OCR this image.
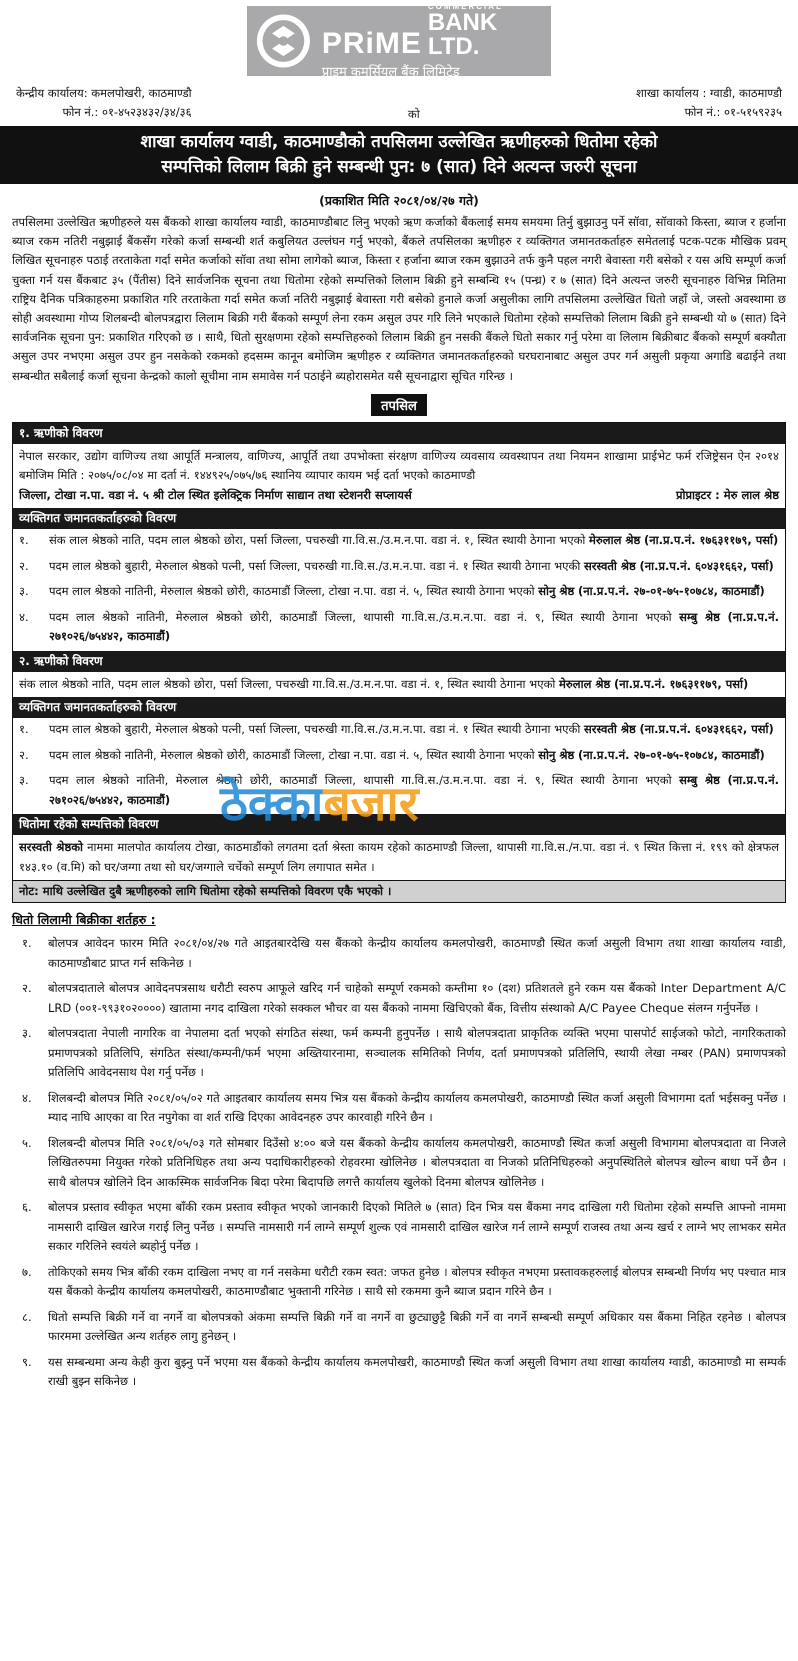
PRiME
COMMERCIAL
BANK LTD.
प्राइम कमर्सियल बैंक लिमिटेड
केन्द्रीय कार्यालय: कमलपोखरी, काठमाण्डौ
फोन नं.: ०१-४५२३४३२/३४/३६	को
शाखा कार्यालय : ग्वाडी, काठमाण्डौ
फोन नं.: ०१-५१५९२३५
शाखा कार्यालय ग्वाडी, काठमाण्डौको तपसिलमा उल्लेखित ऋणीहरुको धितोमा रहेको
सम्पत्तिको लिलाम बिक्री हुने सम्बन्धी पुन: ७ (सात) दिने अत्यन्त जरुरी सूचना
(प्रकाशित मिति २०८१/०४/२७ गते)
तपसिलमा उल्लेखित ऋणीहरुले यस बैंकको शाखा कार्यालय ग्वाडी, काठमाण्डौबाट लिनु भएको ऋण कर्जाको बैंकलाई समय समयमा तिर्नु बुझाउनु पर्ने सॉवा, सॉवाको किस्ता, ब्याज र हर्जाना ब्याज रकम नतिरी नबुझाई बैंकसँग गरेको कर्जा सम्बन्धी शर्त कबुलियत उल्लंघन गर्नु भएको, बैंकले तपसिलका ऋणीहरु र व्यक्तिगत जमानतकर्ताहरु समेतलाई पटक-पटक मौखिक प्रवम् लिखित सूचनाहरु पठाई तरताकेता गर्दा समेत कर्जाको सॉवा तथा सोमा लागेको ब्याज, किस्ता र हर्जाना ब्याज रकम बुझाउने तर्फ कुनै पहल नगरी बेवास्ता गरी बसेको र यस अघि सम्पूर्ण कर्जा चुक्ता गर्न यस बैंकबाट ३५ (पैंतीस) दिने सार्वजनिक सूचना तथा धितोमा रहेको सम्पत्तिको लिलाम बिक्री हुने सम्बन्धि १५ (पन्ध्र) र ७ (सात) दिने अत्यन्त जरुरी सूचनाहरु विभिन्न मितिमा राष्ट्रिय दैनिक पत्रिकाहरुमा प्रकाशित गरि तरताकेता गर्दा समेत कर्जा नतिरी नबुझाई बेवास्ता गरी बसेको हुनाले कर्जा असुलीका लागि तपसिलमा उल्लेखित धितो जहाँ जे, जस्तो अवस्थामा छ सोही अवस्थामा गोप्य शिलबन्दी बोलपत्रद्वारा लिलाम बिक्री गरी बैंकको सम्पूर्ण लेना रकम असुल उपर गरि लिने भएकाले धितोमा रहेको सम्पत्तिको लिलाम बिक्री हुने सम्बन्धी यो ७ (सात) दिने सार्वजनिक सूचना पुन: प्रकाशित गरिएको छ । साथै, धितो सुरक्षणमा रहेको सम्पत्तिहरुको लिलाम बिक्री हुन नसकी बैंकले धितो सकार गर्नु परेमा वा लिलाम बिक्रीबाट बैंकको सम्पूर्ण बक्यौता असुल उपर नभएमा असुल उपर हुन नसकेको रकमको हदसम्म कानून बमोजिम ऋणीहरु र व्यक्तिगत जमानतकर्ताहरुको घरघरानाबाट असुल उपर गर्न असुली प्रकृया अगाडि बढाईने तथा सम्बन्धीत सबैलाई कर्जा सूचना केन्द्रको कालो सूचीमा नाम समावेस गर्न पठाईने ब्यहोरासमेत यसै सूचनाद्वारा सूचित गरिन्छ ।
तपसिल
१. ऋणीको विवरण
नेपाल सरकार, उद्योग वाणिज्य तथा आपूर्ति मन्त्रालय, वाणिज्य, आपूर्ति तथा उपभोक्ता संरक्षण वाणिज्य व्यवसाय व्यवस्थापन तथा नियमन शाखामा प्राईभेट फर्म रजिष्ट्रेसन ऐन २०१४ बमोजिम मिति : २०७५/०८/०४ मा दर्ता नं. १४४९२५/०७५/७६ स्थानिय व्यापार कायम भई दर्ता भएको काठमाण्डौ
जिल्ला, टोखा न.पा. वडा नं. ५ श्री टोल स्थित इलेक्ट्रिक निर्माण साद्यान तथा स्टेशनरी सप्लायर्स	प्रोप्राइटर : मेरु लाल श्रेष्ठ
व्यक्तिगत जमानतकर्ताहरुको विवरण
१.	संक लाल श्रेष्ठको नाति, पदम लाल श्रेष्ठको छोरा, पर्सा जिल्ला, पचरुखी गा.वि.स./उ.म.न.पा. वडा नं. १, स्थित स्थायी ठेगाना भएको मेरुलाल श्रेष्ठ (ना.प्र.प.नं. १७६३११७९, पर्सा)
२.	पदम लाल श्रेष्ठको बुहारी, मेरुलाल श्रेष्ठको पत्नी, पर्सा जिल्ला, पचरुखी गा.वि.स./उ.म.न.पा. वडा नं. १ स्थित स्थायी ठेगाना भएकी सरस्वती श्रेष्ठ (ना.प्र.प.नं. ६०४३१६६२, पर्सा)
३.	पदम लाल श्रेष्ठको नातिनी, मेरुलाल श्रेष्ठको छोरी, काठमाडौं जिल्ला, टोखा न.पा. वडा नं. ५, स्थित स्थायी ठेगाना भएको सोनु श्रेष्ठ (ना.प्र.प.नं. २७-०१-७५-१०७८४, काठमाडौं)
४.	पदम लाल श्रेष्ठको नातिनी, मेरुलाल श्रेष्ठको छोरी, काठमाडौं जिल्ला, थापासी गा.वि.स./उ.म.न.पा. वडा नं. ९, स्थित स्थायी ठेगाना भएको सम्बु श्रेष्ठ (ना.प्र.प.नं. २७१०२६/७५४४२, काठमाडौं)
२. ऋणीको विवरण
संक लाल श्रेष्ठको नाति, पदम लाल श्रेष्ठको छोरा, पर्सा जिल्ला, पचरुखी गा.वि.स./उ.म.न.पा. वडा नं. १, स्थित स्थायी ठेगाना भएको मेरुलाल श्रेष्ठ (ना.प्र.प.नं. १७६३११७९, पर्सा)
व्यक्तिगत जमानतकर्ताहरुको विवरण
१.	पदम लाल श्रेष्ठको बुहारी, मेरुलाल श्रेष्ठको पत्नी, पर्सा जिल्ला, पचरुखी गा.वि.स./उ.म.न.पा. वडा नं. १ स्थित स्थायी ठेगाना भएकी सरस्वती श्रेष्ठ (ना.प्र.प.नं. ६०४३१६६२, पर्सा)
२.	पदम लाल श्रेष्ठको नातिनी, मेरुलाल श्रेष्ठको छोरी, काठमाडौं जिल्ला, टोखा न.पा. वडा नं. ५, स्थित स्थायी ठेगाना भएको सोनु श्रेष्ठ (ना.प्र.प.नं. २७-०१-७५-१०७८४, काठमाडौं)
३.	पदम लाल श्रेष्ठको नातिनी, मेरुलाल श्रेष्ठको छोरी, काठमाडौं जिल्ला, थापासी गा.वि.स./उ.म.न.पा. वडा नं. ९, स्थित स्थायी ठेगाना भएको सम्बु श्रेष्ठ (ना.प्र.प.नं. २७१०२६/७५४४२, काठमाडौं)
धितोमा रहेको सम्पत्तिको विवरण
सरस्वती श्रेष्ठको नाममा मालपोत कार्यालय टोखा, काठमाडौंको लगतमा दर्ता श्रेस्ता कायम रहेको काठमाण्डौ जिल्ला, थापासी गा.वि.स./न.पा. वडा नं. ९ स्थित कित्ता नं. १९९ को क्षेत्रफल १४३.१० (व.मि) को घर/जग्गा तथा सो घर/जग्गाले चर्चेको सम्पूर्ण लिग लगापात समेत ।
नोट: माथि उल्लेखित दुबै ऋणीहरुको लागि धितोमा रहेको सम्पत्तिको विवरण एकै भएको ।
ठेक्का बजार
धितो लिलामी बिक्रीका शर्तहरु :
१.	बोलपत्र आवेदन फारम मिति २०८१/०४/२७ गते आइतबारदेखि यस बैंकको केन्द्रीय कार्यालय कमलपोखरी, काठमाण्डौ स्थित कर्जा असुली विभाग तथा शाखा कार्यालय ग्वाडी, काठमाण्डौबाट प्राप्त गर्न सकिनेछ ।
२.	बोलपत्रदाताले बोलपत्र आवेदनपत्रसाथ धरौटी स्वरुप आफूले खरिद गर्न चाहेको सम्पूर्ण रकमको कम्तीमा १० (दश) प्रतिशतले हुने रकम यस बैंकको Inter Department A/C LRD (००१-९९३१०२००००) खातामा नगद दाखिला गरेको सक्कल भौचर वा यस बैंकको नाममा खिचिएको बैंक, वित्तीय संस्थाको A/C Payee Cheque संलग्न गर्नुपर्नेछ ।
३.	बोलपत्रदाता नेपाली नागरिक वा नेपालमा दर्ता भएको संगठित संस्था, फर्म कम्पनी हुनुपर्नेछ । साथै बोलपत्रदाता प्राकृतिक व्यक्ति भएमा पासपोर्ट साईजको फोटो, नागरिकताको प्रमाणपत्रको प्रतिलिपि, संगठित संस्था/कम्पनी/फर्म भएमा अख्तियारनामा, सञ्चालक समितिको निर्णय, दर्ता प्रमाणपत्रको प्रतिलिपि, स्थायी लेखा नम्बर (PAN) प्रमाणपत्रको प्रतिलिपि आवेदनसाथ पेश गर्नु पर्नेछ ।
४.	शिलबन्दी बोलपत्र मिति २०८१/०५/०२ गते आइतबार कार्यालय समय भित्र यस बैंकको केन्द्रीय कार्यालय कमलपोखरी, काठमाण्डौ स्थित कर्जा असुली विभागमा दर्ता भईसक्नु पर्नेछ । म्याद नाघि आएका वा रित नपुगेका वा शर्त राखि दिएका आवेदनहरु उपर कारवाही गरिने छैन ।
५.	शिलबन्दी बोलपत्र मिति २०८१/०५/०३ गते सोमबार दिउँसो ४:०० बजे यस बैंकको केन्द्रीय कार्यालय कमलपोखरी, काठमाण्डौ स्थित कर्जा असुली विभागमा बोलपत्रदाता वा निजले लिखितरुपमा नियुक्त गरेको प्रतिनिधिहरु तथा अन्य पदाधिकारीहरुको रोहवरमा खोलिनेछ । बोलपत्रदाता वा निजको प्रतिनिधिहरुको अनुपस्थितिले बोलपत्र खोल्न बाधा पर्ने छैन । साथै बोलपत्र खोलिने दिन आकस्मिक सार्वजनिक बिदा परेमा बिदापछि लगत्तै कार्यालय खुलेको दिनमा बोलपत्र खोलिनेछ ।
६.	बोलपत्र प्रस्ताव स्वीकृत भएमा बाँकी रकम प्रस्ताव स्वीकृत भएको जानकारी दिएको मितिले ७ (सात) दिन भित्र यस बैंकमा नगद दाखिला गरी धितोमा रहेको सम्पत्ति आफ्नो नाममा नामसारी दाखिल खारेज गराई लिनु पर्नेछ । सम्पत्ति नामसारी गर्न लाग्ने सम्पूर्ण शुल्क एवं नामसारी दाखिल खारेज गर्न लाग्ने सम्पूर्ण राजस्व तथा अन्य खर्च र लाग्ने भए लाभकर समेत सकार गरिलिने स्वयंले ब्यहोर्नु पर्नेछ ।
७.	तोकिएको समय भित्र बाँकी रकम दाखिला नभए वा गर्न नसकेमा धरौटी रकम स्वत: जफत हुनेछ । बोलपत्र स्वीकृत नभएमा प्रस्तावकहरुलाई बोलपत्र सम्बन्धी निर्णय भए पश्चात मात्र यस बैंकको केन्द्रीय कार्यालय कमलपोखरी, काठमाण्डौबाट भुक्तानी गरिनेछ । साथै सो रकममा कुनै ब्याज प्रदान गरिने छैन ।
८.	धितो सम्पत्ति बिक्री गर्ने वा नगर्ने वा बोलपत्रको अंकमा सम्पत्ति बिक्री गर्ने वा नगर्ने वा छुट्याछुट्टै बिक्री गर्ने वा नगर्ने सम्बन्धी सम्पूर्ण अधिकार यस बैंकमा निहित रहनेछ । बोलपत्र फारममा उल्लेखित अन्य शर्तहरु लागु हुनेछन् ।
९.	यस सम्बन्धमा अन्य केही कुरा बुझ्नु पर्ने भएमा यस बैंकको केन्द्रीय कार्यालय कमलपोखरी, काठमाण्डौ स्थित कर्जा असुली विभाग तथा शाखा कार्यालय ग्वाडी, काठमाण्डौ मा सम्पर्क राखी बुझ्न सकिनेछ ।
